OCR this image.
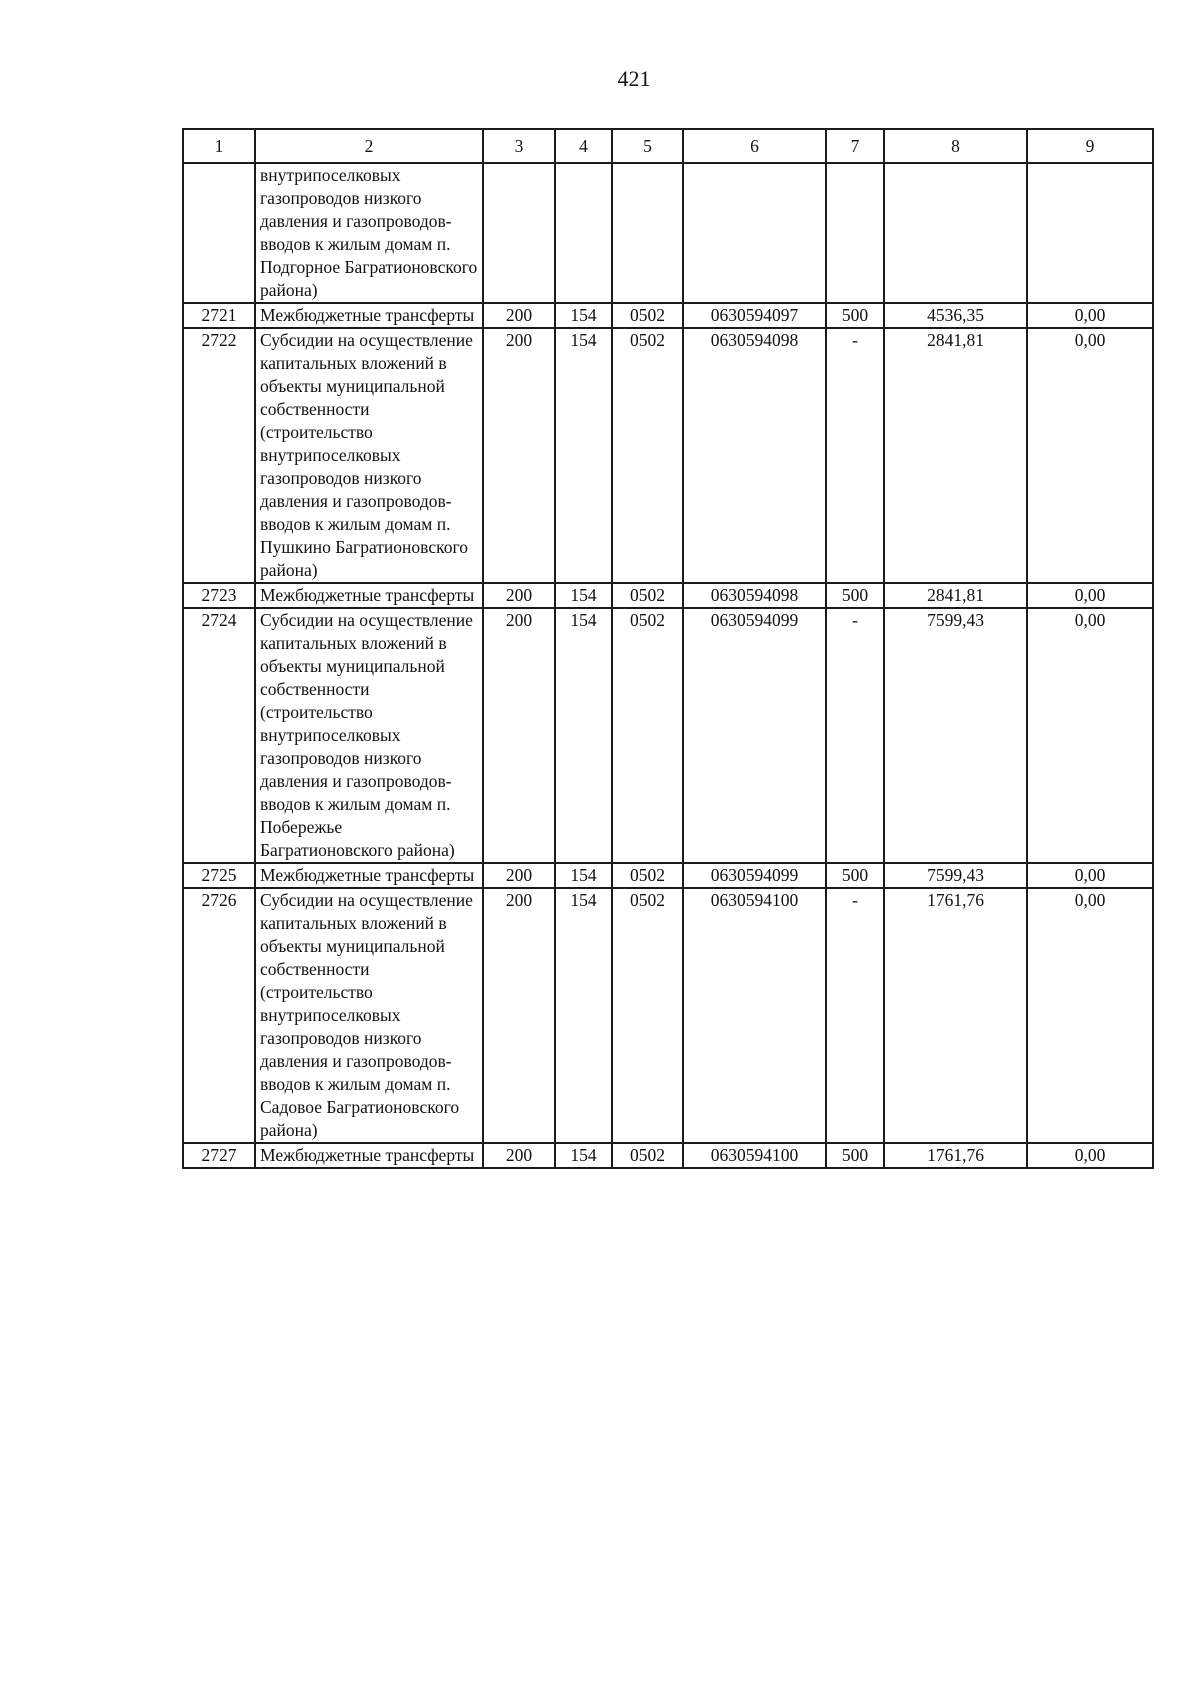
421
1	2	3	4	5	6	7	8	9
	внутрипоселковых газопроводов низкого давления и газопроводов-вводов к жилым домам п. Подгорное Багратионовского района)							
2721	Межбюджетные трансферты	200	154	0502	0630594097	500	4536,35	0,00
2722	Субсидии на осуществление капитальных вложений в объекты муниципальной собственности (строительство внутрипоселковых газопроводов низкого давления и газопроводов-вводов к жилым домам п. Пушкино Багратионовского района)	200	154	0502	0630594098	-	2841,81	0,00
2723	Межбюджетные трансферты	200	154	0502	0630594098	500	2841,81	0,00
2724	Субсидии на осуществление капитальных вложений в объекты муниципальной собственности (строительство внутрипоселковых газопроводов низкого давления и газопроводов-вводов к жилым домам п. Побережье Багратионовского района)	200	154	0502	0630594099	-	7599,43	0,00
2725	Межбюджетные трансферты	200	154	0502	0630594099	500	7599,43	0,00
2726	Субсидии на осуществление капитальных вложений в объекты муниципальной собственности (строительство внутрипоселковых газопроводов низкого давления и газопроводов-вводов к жилым домам п. Садовое Багратионовского района)	200	154	0502	0630594100	-	1761,76	0,00
2727	Межбюджетные трансферты	200	154	0502	0630594100	500	1761,76	0,00
